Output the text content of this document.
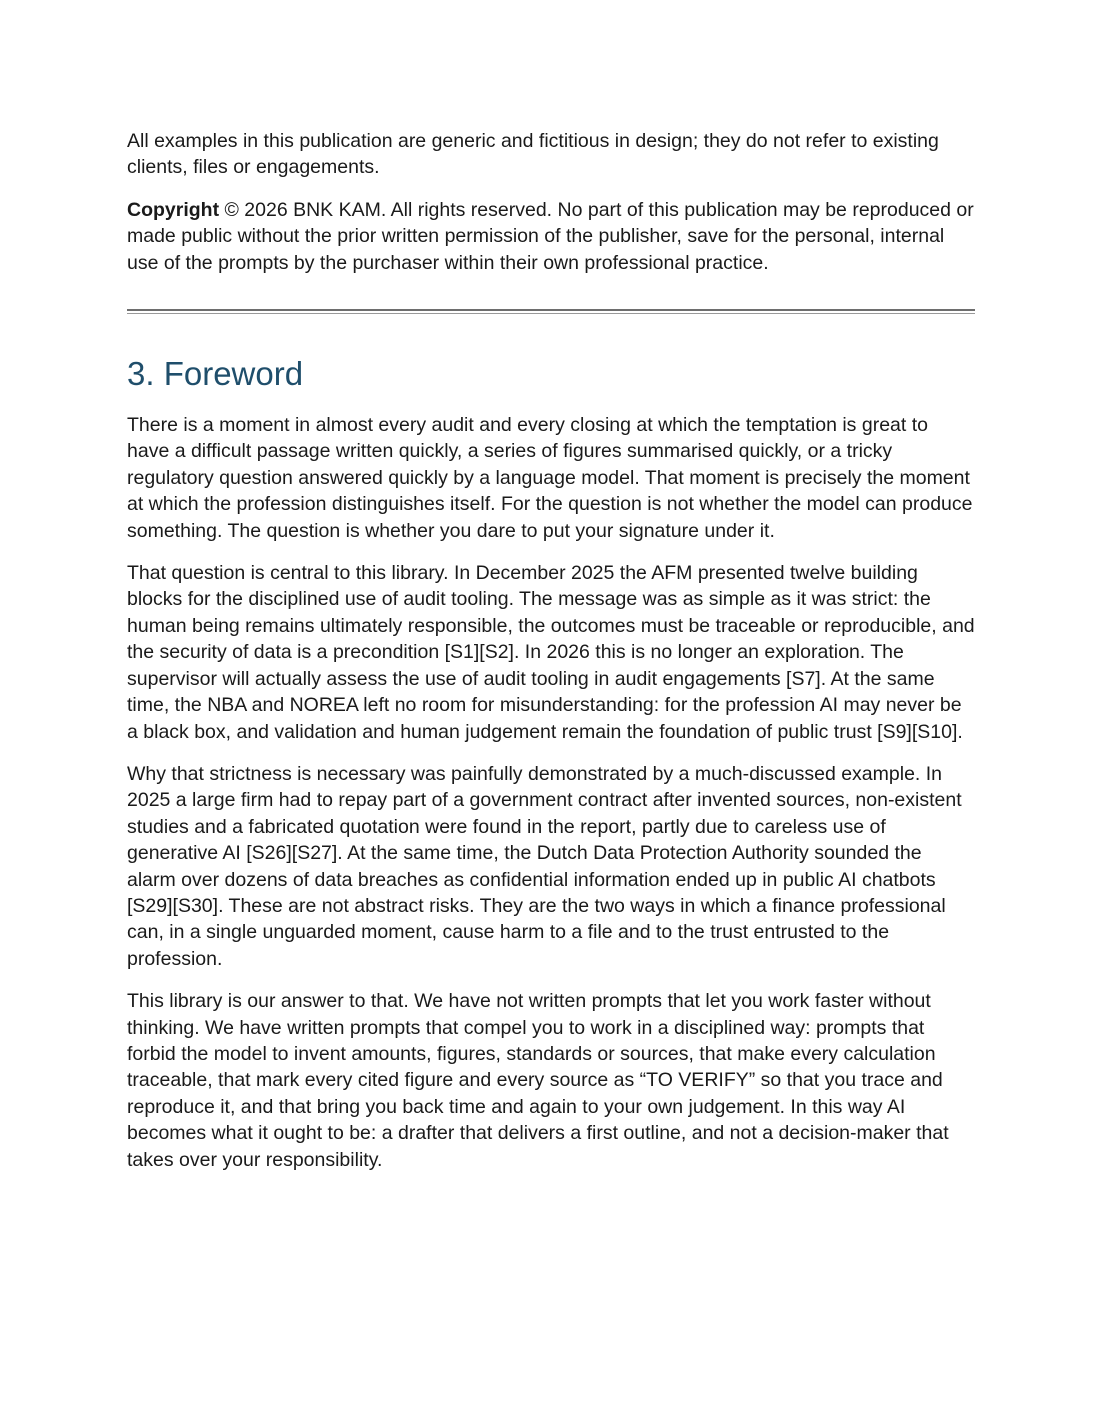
All examples in this publication are generic and fictitious in design; they do not refer to existing clients, files or engagements.

Copyright © 2026 BNK KAM. All rights reserved. No part of this publication may be reproduced or made public without the prior written permission of the publisher, save for the personal, internal use of the prompts by the purchaser within their own professional practice.

3. Foreword

There is a moment in almost every audit and every closing at which the temptation is great to have a difficult passage written quickly, a series of figures summarised quickly, or a tricky regulatory question answered quickly by a language model. That moment is precisely the moment at which the profession distinguishes itself. For the question is not whether the model can produce something. The question is whether you dare to put your signature under it.

That question is central to this library. In December 2025 the AFM presented twelve building blocks for the disciplined use of audit tooling. The message was as simple as it was strict: the human being remains ultimately responsible, the outcomes must be traceable or reproducible, and the security of data is a precondition [S1][S2]. In 2026 this is no longer an exploration. The supervisor will actually assess the use of audit tooling in audit engagements [S7]. At the same time, the NBA and NOREA left no room for misunderstanding: for the profession AI may never be a black box, and validation and human judgement remain the foundation of public trust [S9][S10].

Why that strictness is necessary was painfully demonstrated by a much-discussed example. In 2025 a large firm had to repay part of a government contract after invented sources, non-existent studies and a fabricated quotation were found in the report, partly due to careless use of generative AI [S26][S27]. At the same time, the Dutch Data Protection Authority sounded the alarm over dozens of data breaches as confidential information ended up in public AI chatbots [S29][S30]. These are not abstract risks. They are the two ways in which a finance professional can, in a single unguarded moment, cause harm to a file and to the trust entrusted to the profession.

This library is our answer to that. We have not written prompts that let you work faster without thinking. We have written prompts that compel you to work in a disciplined way: prompts that forbid the model to invent amounts, figures, standards or sources, that make every calculation traceable, that mark every cited figure and every source as “TO VERIFY” so that you trace and reproduce it, and that bring you back time and again to your own judgement. In this way AI becomes what it ought to be: a drafter that delivers a first outline, and not a decision-maker that takes over your responsibility.
